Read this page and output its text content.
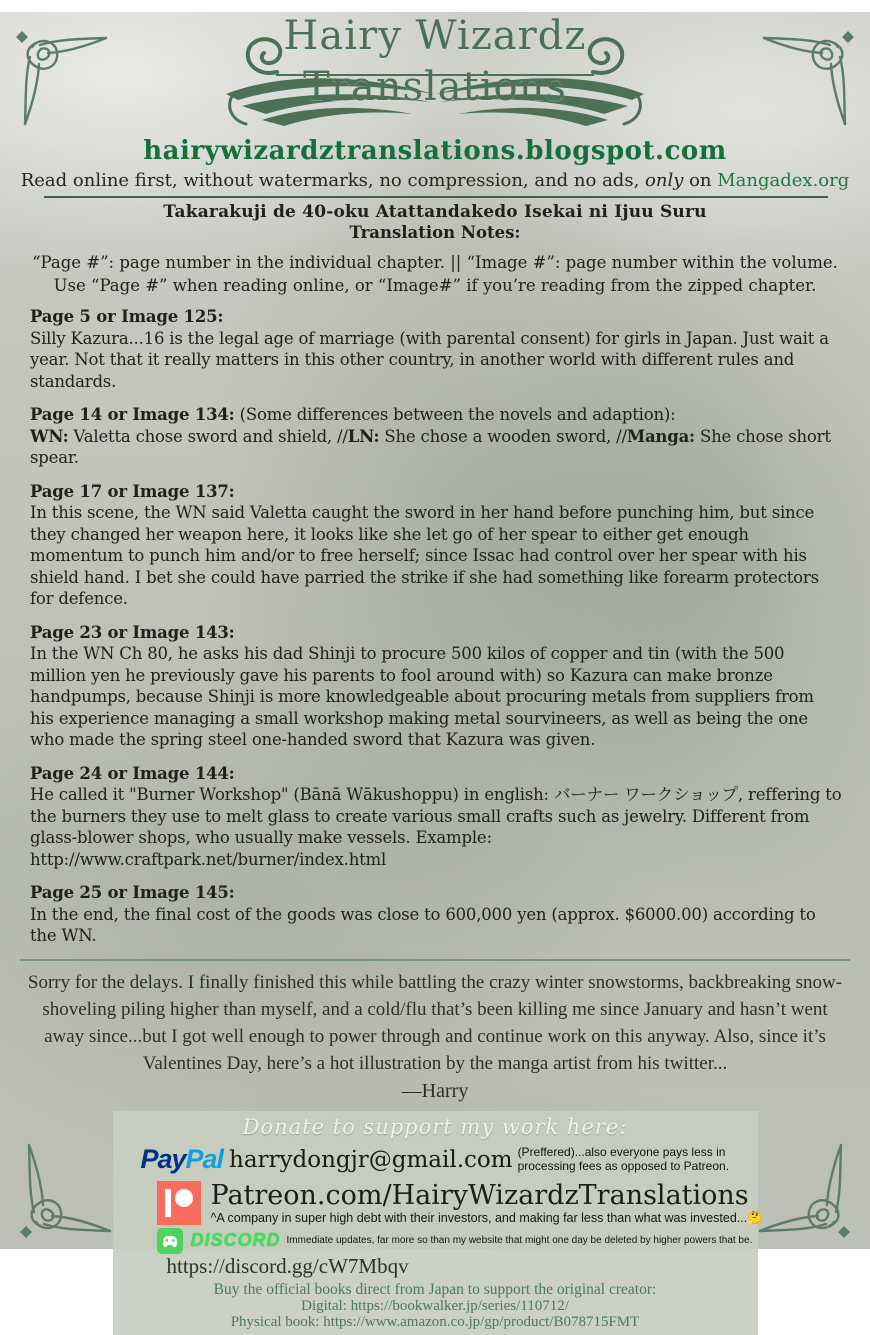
Hairy Wizardz
Translations
hairywizardztranslations.blogspot.com
Read online first, without watermarks, no compression, and no ads, only on Mangadex.org
Takarakuji de 40-oku Atattandakedo Isekai ni Ijuu Suru
Translation Notes:
“Page #”: page number in the individual chapter. || “Image #”: page number within the volume.
Use “Page #” when reading online, or “Image#” if you’re reading from the zipped chapter.
Page 5 or Image 125:
Silly Kazura...16 is the legal age of marriage (with parental consent) for girls in Japan. Just wait a year. Not that it really matters in this other country, in another world with different rules and standards.
Page 14 or Image 134: (Some differences between the novels and adaption):
WN: Valetta chose sword and shield, //LN: She chose a wooden sword, //Manga: She chose short spear.
Page 17 or Image 137:
In this scene, the WN said Valetta caught the sword in her hand before punching him, but since they changed her weapon here, it looks like she let go of her spear to either get enough momentum to punch him and/or to free herself; since Issac had control over her spear with his shield hand. I bet she could have parried the strike if she had something like forearm protectors for defence.
Page 23 or Image 143:
In the WN Ch 80, he asks his dad Shinji to procure 500 kilos of copper and tin (with the 500 million yen he previously gave his parents to fool around with) so Kazura can make bronze handpumps, because Shinji is more knowledgeable about procuring metals from suppliers from his experience managing a small workshop making metal sourvineers, as well as being the one who made the spring steel one-handed sword that Kazura was given.
Page 24 or Image 144:
He called it "Burner Workshop" (Bānā Wākushoppu) in english: バーナー ワークショップ, reffering to the burners they use to melt glass to create various small crafts such as jewelry. Different from glass-blower shops, who usually make vessels. Example: http://www.craftpark.net/burner/index.html
Page 25 or Image 145:
In the end, the final cost of the goods was close to 600,000 yen (approx. $6000.00) according to the WN.
Sorry for the delays. I finally finished this while battling the crazy winter snowstorms, backbreaking snow-shoveling piling higher than myself, and a cold/flu that’s been killing me since January and hasn’t went away since...but I got well enough to power through and continue work on this anyway. Also, since it’s Valentines Day, here’s a hot illustration by the manga artist from his twitter...
—Harry
Donate to support my work here:
PayPal harrydongjr@gmail.com (Preffered)...also everyone pays less in processing fees as opposed to Patreon.
Patreon.com/HairyWizardzTranslations
^A company in super high debt with their investors, and making far less than what was invested...🤔
DISCORD Immediate updates, far more so than my website that might one day be deleted by higher powers that be.
https://discord.gg/cW7Mbqv
Buy the official books direct from Japan to support the original creator:
Digital: https://bookwalker.jp/series/110712/
Physical book: https://www.amazon.co.jp/gp/product/B078715FMT
